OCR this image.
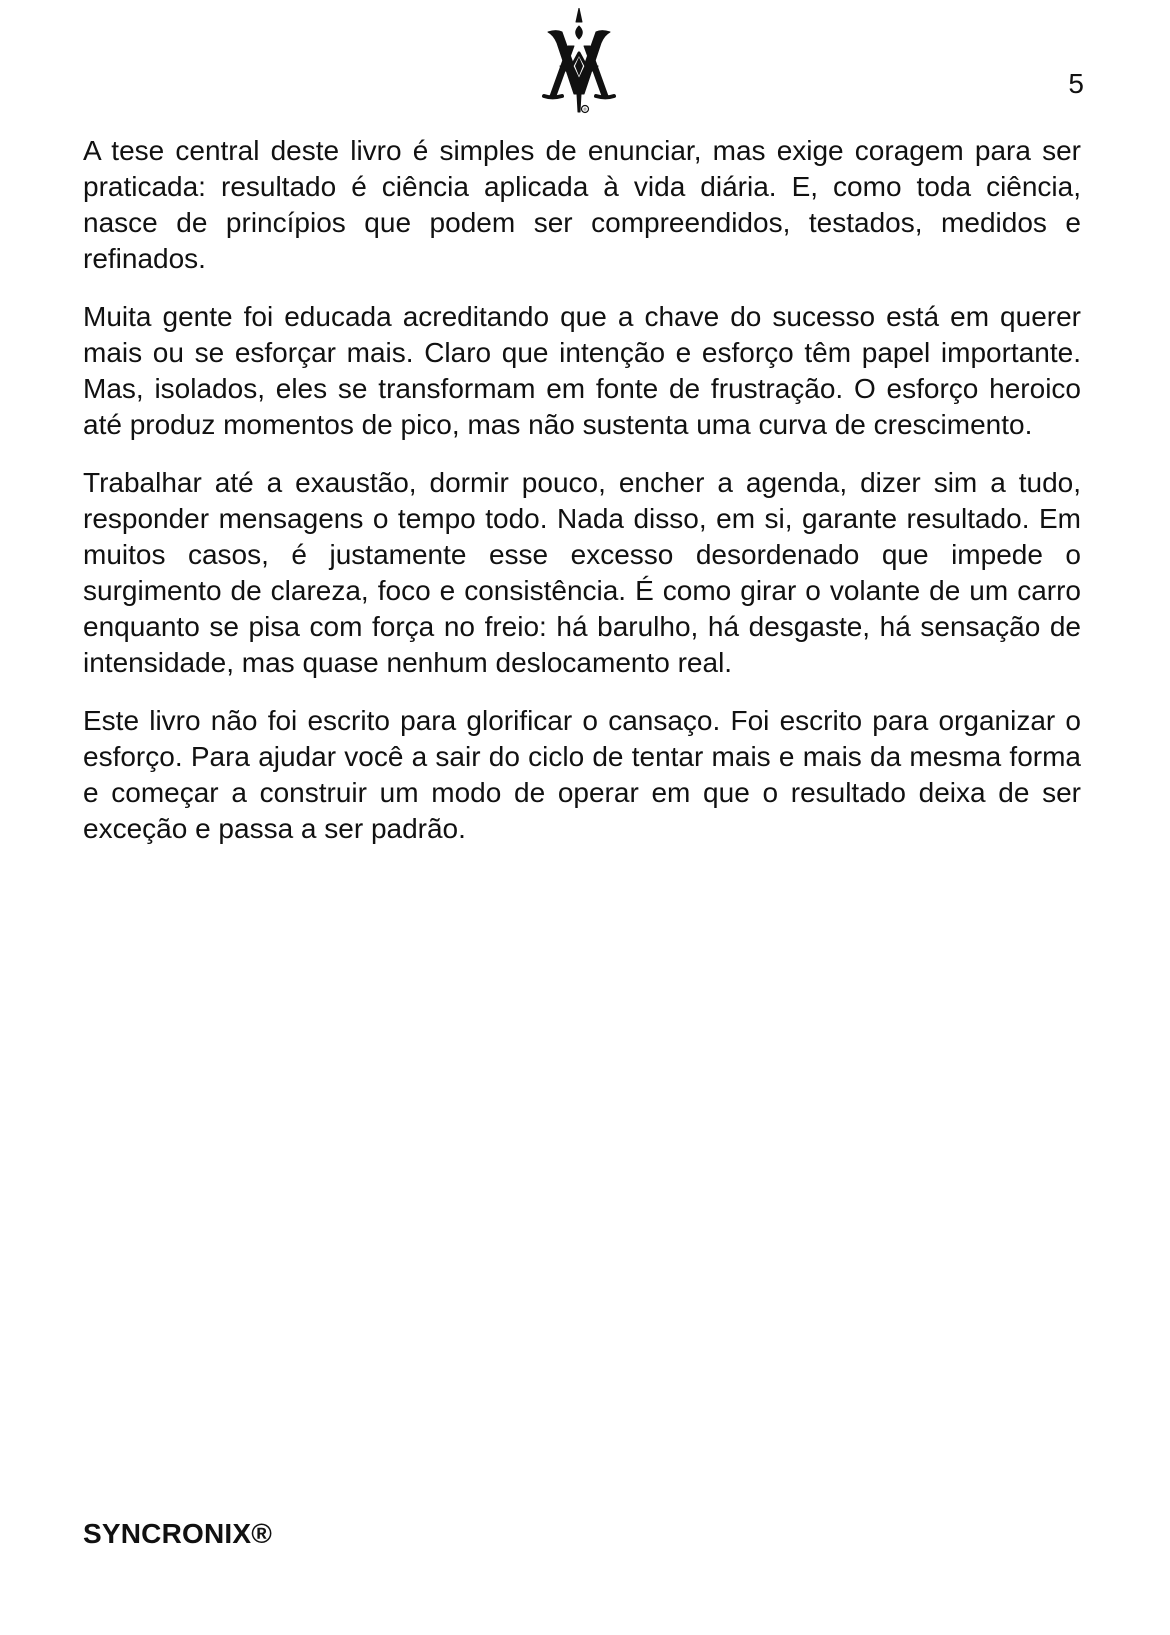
®
5

A tese central deste livro é simples de enunciar, mas exige coragem para ser praticada: resultado é ciência aplicada à vida diária. E, como toda ciência, nasce de princípios que podem ser compreendidos, testados, medidos e refinados.

Muita gente foi educada acreditando que a chave do sucesso está em querer mais ou se esforçar mais. Claro que intenção e esforço têm papel importante. Mas, isolados, eles se transformam em fonte de frustração. O esforço heroico até produz momentos de pico, mas não sustenta uma curva de crescimento.

Trabalhar até a exaustão, dormir pouco, encher a agenda, dizer sim a tudo, responder mensagens o tempo todo. Nada disso, em si, garante resultado. Em muitos casos, é justamente esse excesso desordenado que impede o surgimento de clareza, foco e consistência. É como girar o volante de um carro enquanto se pisa com força no freio: há barulho, há desgaste, há sensação de intensidade, mas quase nenhum deslocamento real.

Este livro não foi escrito para glorificar o cansaço. Foi escrito para organizar o esforço. Para ajudar você a sair do ciclo de tentar mais e mais da mesma forma e começar a construir um modo de operar em que o resultado deixa de ser exceção e passa a ser padrão.

SYNCRONIX®
